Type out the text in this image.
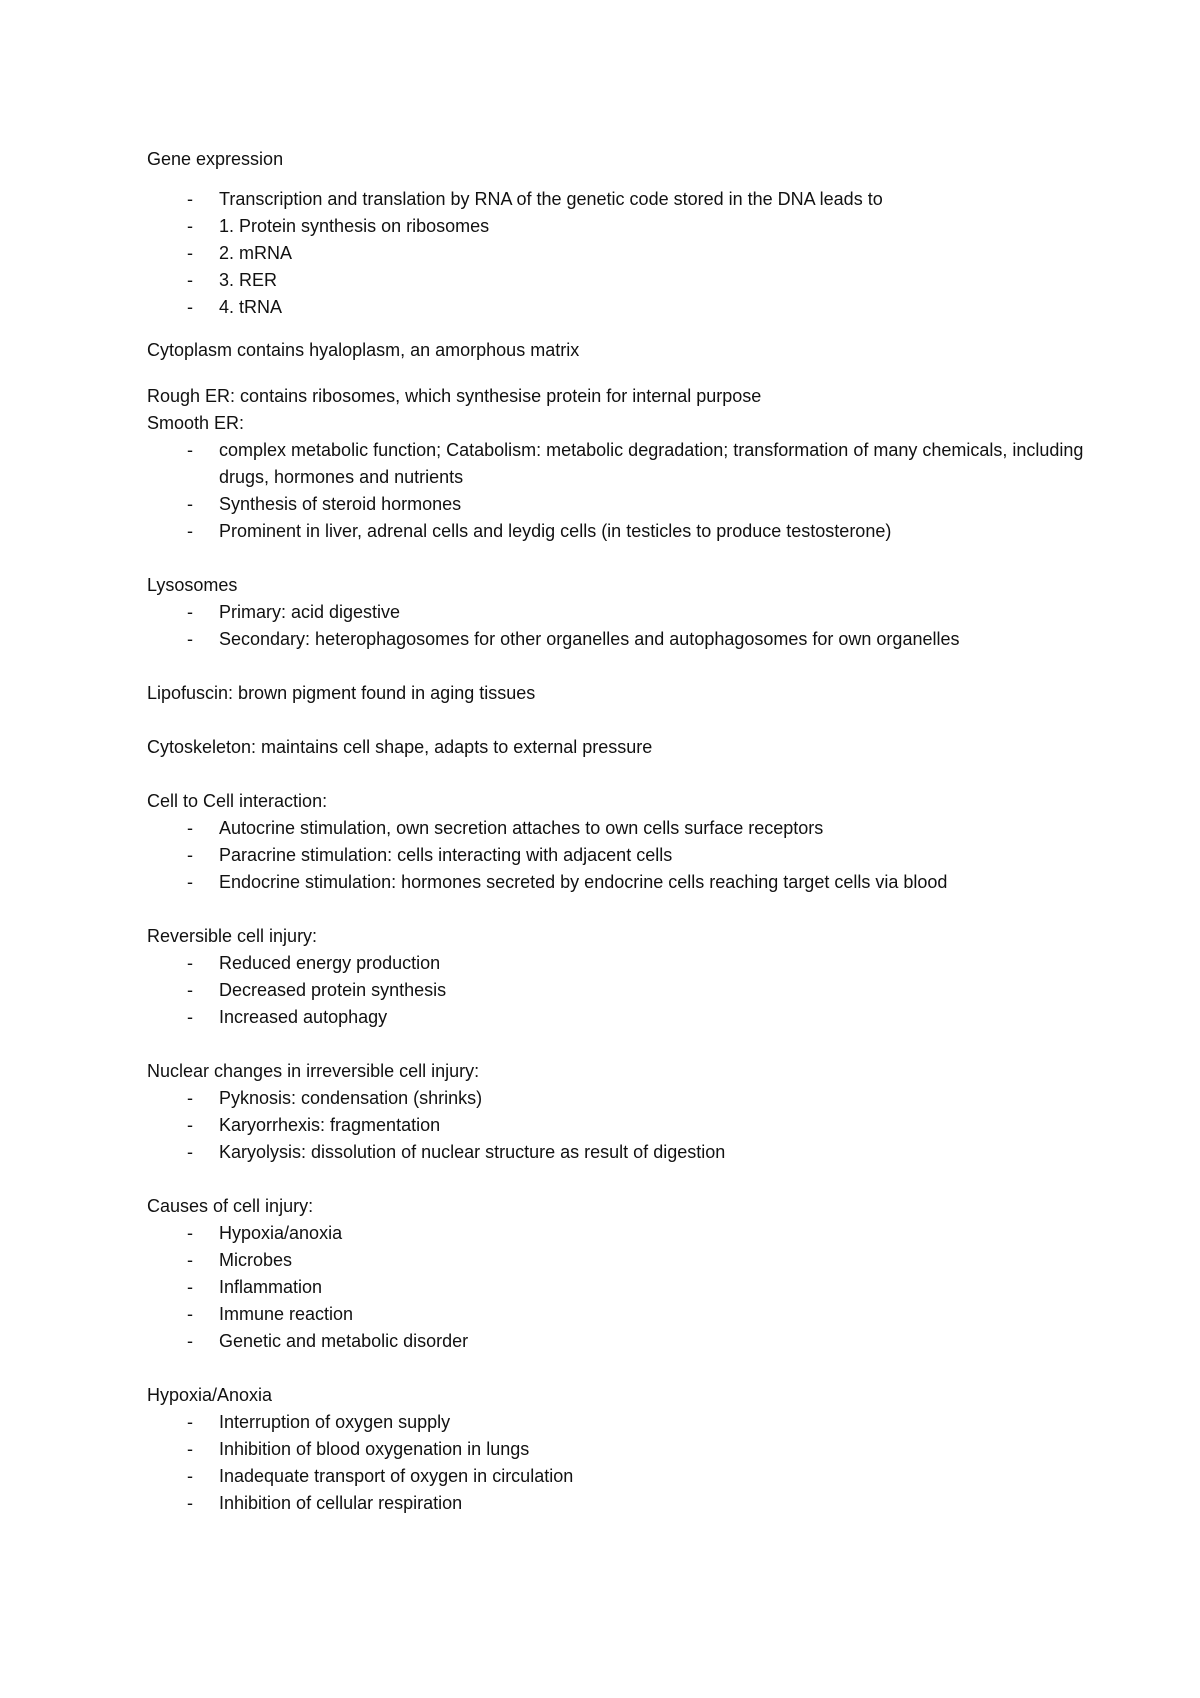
Gene expression
- Transcription and translation by RNA of the genetic code stored in the DNA leads to
- 1. Protein synthesis on ribosomes
- 2. mRNA
- 3. RER
- 4. tRNA
Cytoplasm contains hyaloplasm, an amorphous matrix
Rough ER: contains ribosomes, which synthesise protein for internal purpose
Smooth ER:
- complex metabolic function; Catabolism: metabolic degradation; transformation of many chemicals, including drugs, hormones and nutrients
- Synthesis of steroid hormones
- Prominent in liver, adrenal cells and leydig cells (in testicles to produce testosterone)
Lysosomes
- Primary: acid digestive
- Secondary: heterophagosomes for other organelles and autophagosomes for own organelles
Lipofuscin: brown pigment found in aging tissues
Cytoskeleton: maintains cell shape, adapts to external pressure
Cell to Cell interaction:
- Autocrine stimulation, own secretion attaches to own cells surface receptors
- Paracrine stimulation: cells interacting with adjacent cells
- Endocrine stimulation: hormones secreted by endocrine cells reaching target cells via blood
Reversible cell injury:
- Reduced energy production
- Decreased protein synthesis
- Increased autophagy
Nuclear changes in irreversible cell injury:
- Pyknosis: condensation (shrinks)
- Karyorrhexis: fragmentation
- Karyolysis: dissolution of nuclear structure as result of digestion
Causes of cell injury:
- Hypoxia/anoxia
- Microbes
- Inflammation
- Immune reaction
- Genetic and metabolic disorder
Hypoxia/Anoxia
- Interruption of oxygen supply
- Inhibition of blood oxygenation in lungs
- Inadequate transport of oxygen in circulation
- Inhibition of cellular respiration
